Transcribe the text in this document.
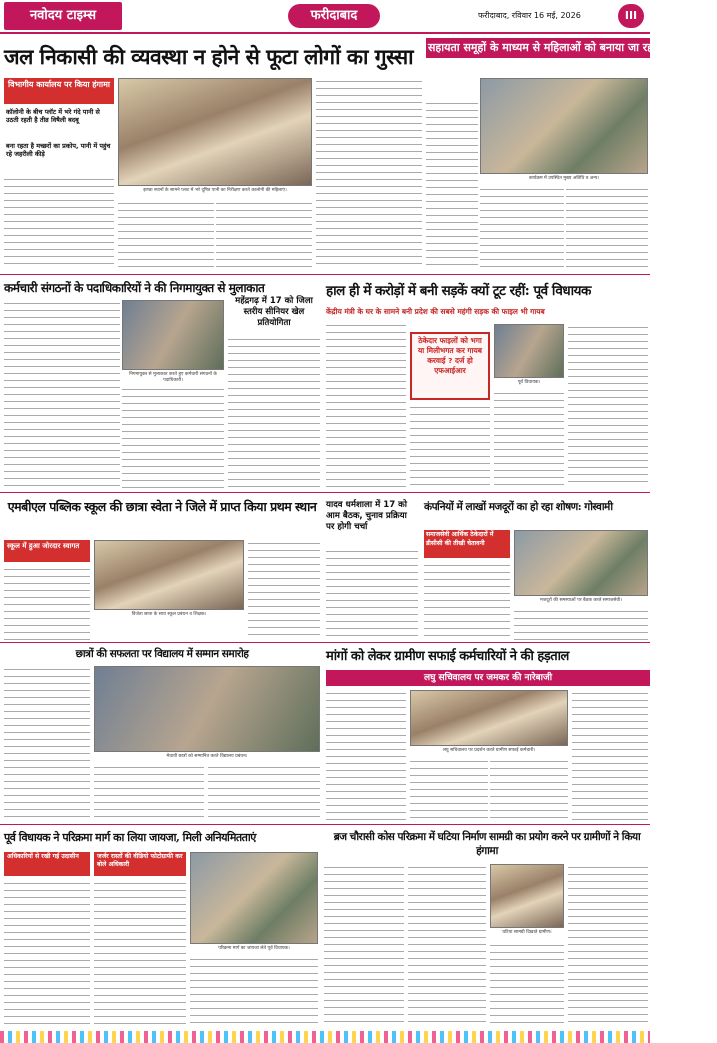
नवोदय टाइम्स	फरीदाबाद	फरीदाबाद, रविवार 16 मई, 2026	III
जल निकासी की व्यवस्था न होने से फूटा लोगों का गुस्सा	सहायता समूहों के माध्यम से महिलाओं को बनाया जा रहा सशक्त: गौतम
कार्यक्रम में उपस्थित मुख्य अतिथि व अन्य।
विभागीय कार्यालय पर किया हंगामा
कॉलोनी के बीच प्लॉट में भरे गंदे पानी से उठती रहती है तीव्र विषैली बदबू
बना रहता है मच्छरों का प्रकोप, पानी में पहुंच रहे जहरीली कीड़े
झण्डा स्थानों के सामने प्लाट में भरे दूषित पानी का निरीक्षण करते कालोनी की महिलाएं।
कर्मचारी संगठनों के पदाधिकारियों ने की निगमायुक्त से मुलाकात
निगमायुक्त से मुलाकात करते हुए कर्मचारी संगठनों के पदाधिकारी।
महेंद्रगढ़ में 17 को जिला स्तरीय सीनियर खेल प्रतियोगिता
हाल ही में करोड़ों में बनी सड़कें क्यों टूट रहीं: पूर्व विधायक
केंद्रीय मंत्री के घर के सामने बनी प्रदेश की सबसे महंगी सड़क की फाइल भी गायब
ठेकेदार फाइलों को भगा या मिलीभगत कर गायब करवाई ? दर्ज हो एफआईआर
पूर्व विधायक।
एमबीएल पब्लिक स्कूल की छात्रा स्वेता ने जिले में प्राप्त किया प्रथम स्थान
स्कूल में हुआ जोरदार स्वागत
विजेता छात्रा के साथ स्कूल प्रबंधन व शिक्षक।
यादव धर्मशाला में 17 को आम बैठक, चुनाव प्रक्रिया पर होगी चर्चा
कंपनियों में लाखों मजदूरों का हो रहा शोषण: गोस्वामी
समाजसेवी आर्थिक ठेकेदारों में डीसीसी की तीखी चेतावनी
मजदूरों की समस्याओं पर बैठक करते समाजसेवी।
छात्रों की सफलता पर विद्यालय में सम्मान समारोह
मेधावी छात्रों को सम्मानित करते विद्यालय प्रबंधन।
मांगों को लेकर ग्रामीण सफाई कर्मचारियों ने की हड़ताल
लघु सचिवालय पर जमकर की नारेबाजी
लघु सचिवालय पर प्रदर्शन करते ग्रामीण सफाई कर्मचारी।
पूर्व विधायक ने परिक्रमा मार्ग का लिया जायजा, मिली अनियमितताएं
अधिकारियों से रखी गई उदासीन	जर्जर रास्तों की वीडियो फोटोग्राफी कर बोले अधिकारी
परिक्रमा मार्ग का जायजा लेते पूर्व विधायक।
ब्रज चौरासी कोस परिक्रमा में घटिया निर्माण सामग्री का प्रयोग करने पर ग्रामीणों ने किया हंगामा
घटिया सामग्री दिखाते ग्रामीण।
